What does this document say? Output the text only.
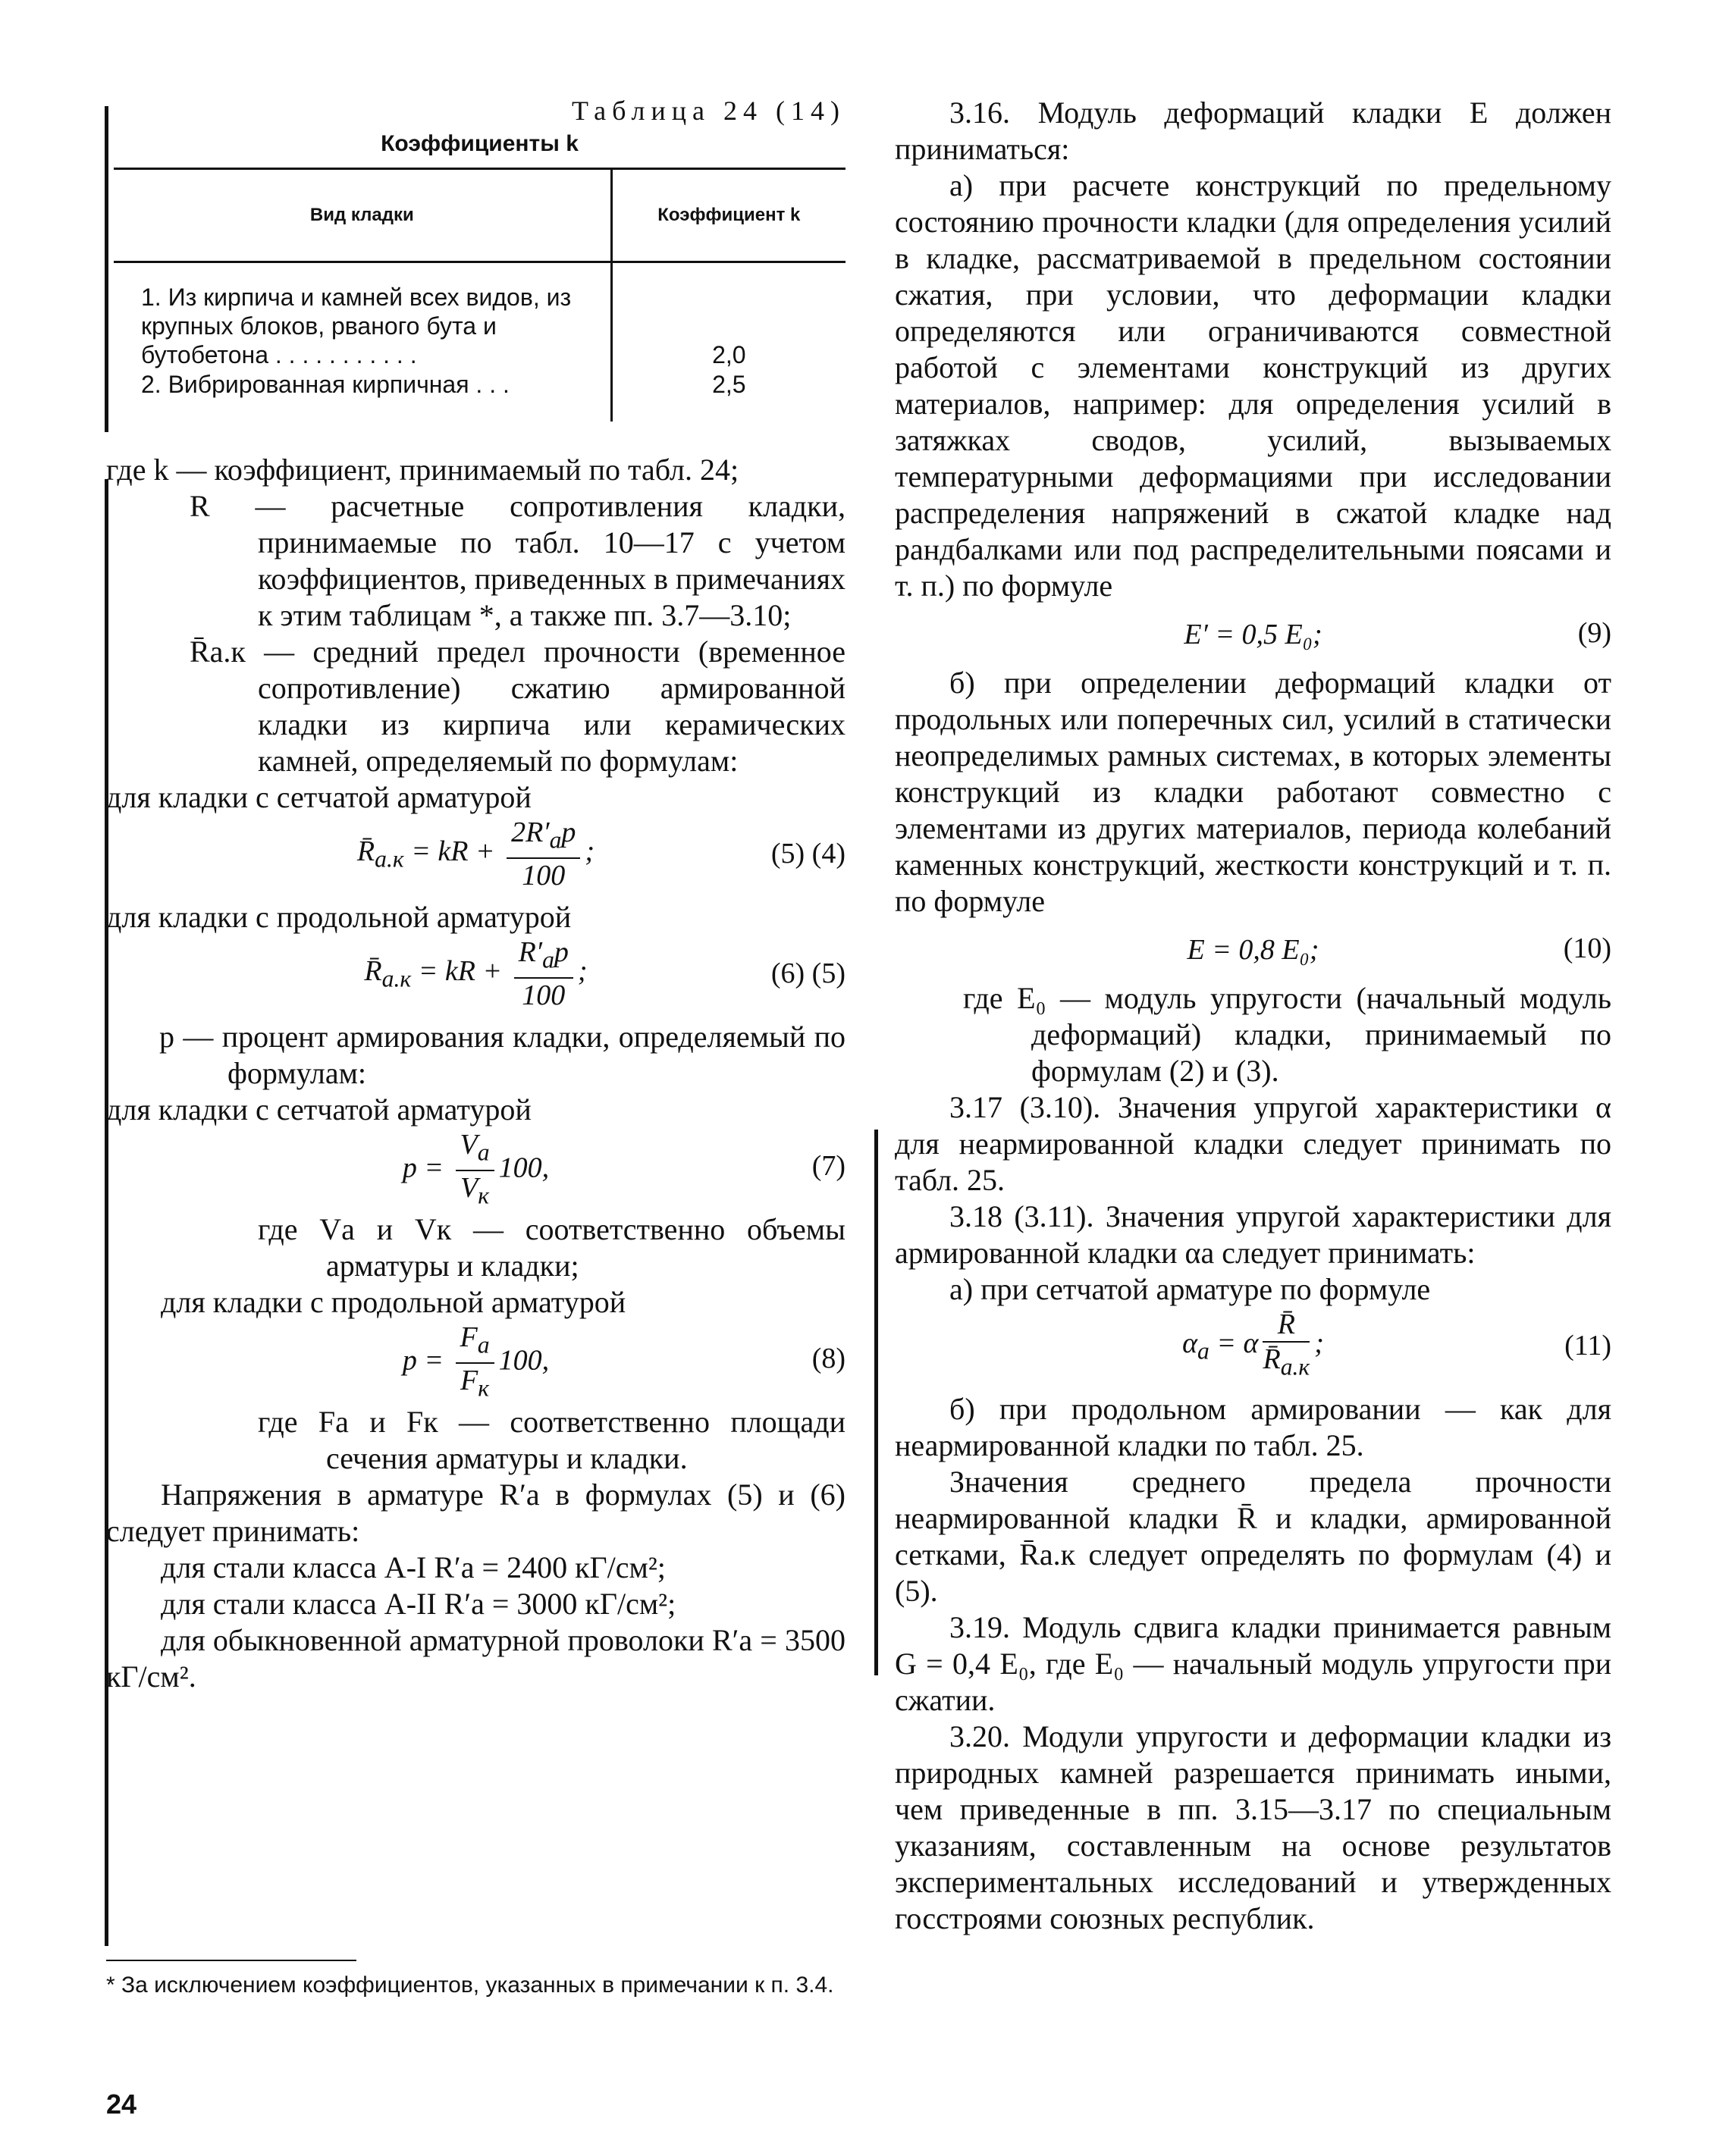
Таблица 24 (14)

Коэффициенты k

Вид кладки	Коэффициент k
1. Из кирпича и камней всех видов, из крупных блоков, рваного бута и бутобетона . . . . . . . . . . .	2,0
2. Вибрированная кирпичная . . .	2,5

где k — коэффициент, принимаемый по табл. 24;

R — расчетные сопротивления кладки, принимаемые по табл. 10—17 с учетом коэффициентов, приведенных в примечаниях к этим таблицам *, а также пп. 3.7—3.10;

R̄а.к — средний предел прочности (временное сопротивление) сжатию армированной кладки из кирпича или керамических камней, определяемый по формулам:

для кладки с сетчатой арматурой

$R̄_{а.к}$ = kR + $\frac{2R'_аp}{100}$ ;	(5) (4)

для кладки с продольной арматурой

$R̄_{а.к}$ = kR + $\frac{R'_аp}{100}$ ;	(6) (5)

p — процент армирования кладки, определяемый по формулам:

для кладки с сетчатой арматурой

$p = \frac{V_а}{V_к} 100$,	(7)

где Vа и Vк — соответственно объемы арматуры и кладки;

для кладки с продольной арматурой

$p = \frac{F_а}{F_к} 100$,	(8)

где Fа и Fк — соответственно площади сечения арматуры и кладки.

Напряжения в арматуре R′а в формулах (5) и (6) следует принимать:

для стали класса А-I R′а = 2400 кГ/см²;

для стали класса А-II R′а = 3000 кГ/см²;

для обыкновенной арматурной проволоки R′а = 3500 кГ/см².

3.16. Модуль деформаций кладки E должен приниматься:

а) при расчете конструкций по предельному состоянию прочности кладки (для определения усилий в кладке, рассматриваемой в предельном состоянии сжатия, при условии, что деформации кладки определяются или ограничиваются совместной работой с элементами конструкций из других материалов, например: для определения усилий в затяжках сводов, усилий, вызываемых температурными деформациями при исследовании распределения напряжений в сжатой кладке над рандбалками или под распределительными поясами и т. п.) по формуле

E′ = 0,5 E₀;	(9)

б) при определении деформаций кладки от продольных или поперечных сил, усилий в статически неопределимых рамных системах, в которых элементы конструкций из кладки работают совместно с элементами из других материалов, периода колебаний каменных конструкций, жесткости конструкций и т. п. по формуле

E = 0,8 E₀;	(10)

где E₀ — модуль упругости (начальный модуль деформаций) кладки, принимаемый по формулам (2) и (3).

3.17 (3.10). Значения упругой характеристики α для неармированной кладки следует принимать по табл. 25.

3.18 (3.11). Значения упругой характеристики для армированной кладки αа следует принимать:

а) при сетчатой арматуре по формуле

$\alpha_а = \alpha \frac{R̄}{R̄_{а.к}}$ ;	(11)

б) при продольном армировании — как для неармированной кладки по табл. 25.

Значения среднего предела прочности неармированной кладки R̄ и кладки, армированной сетками, R̄а.к следует определять по формулам (4) и (5).

3.19. Модуль сдвига кладки принимается равным G = 0,4 E₀, где E₀ — начальный модуль упругости при сжатии.

3.20. Модули упругости и деформации кладки из природных камней разрешается принимать иными, чем приведенные в пп. 3.15—3.17 по специальным указаниям, составленным на основе результатов экспериментальных исследований и утвержденных госстроями союзных республик.

* За исключением коэффициентов, указанных в примечании к п. 3.4.
24
